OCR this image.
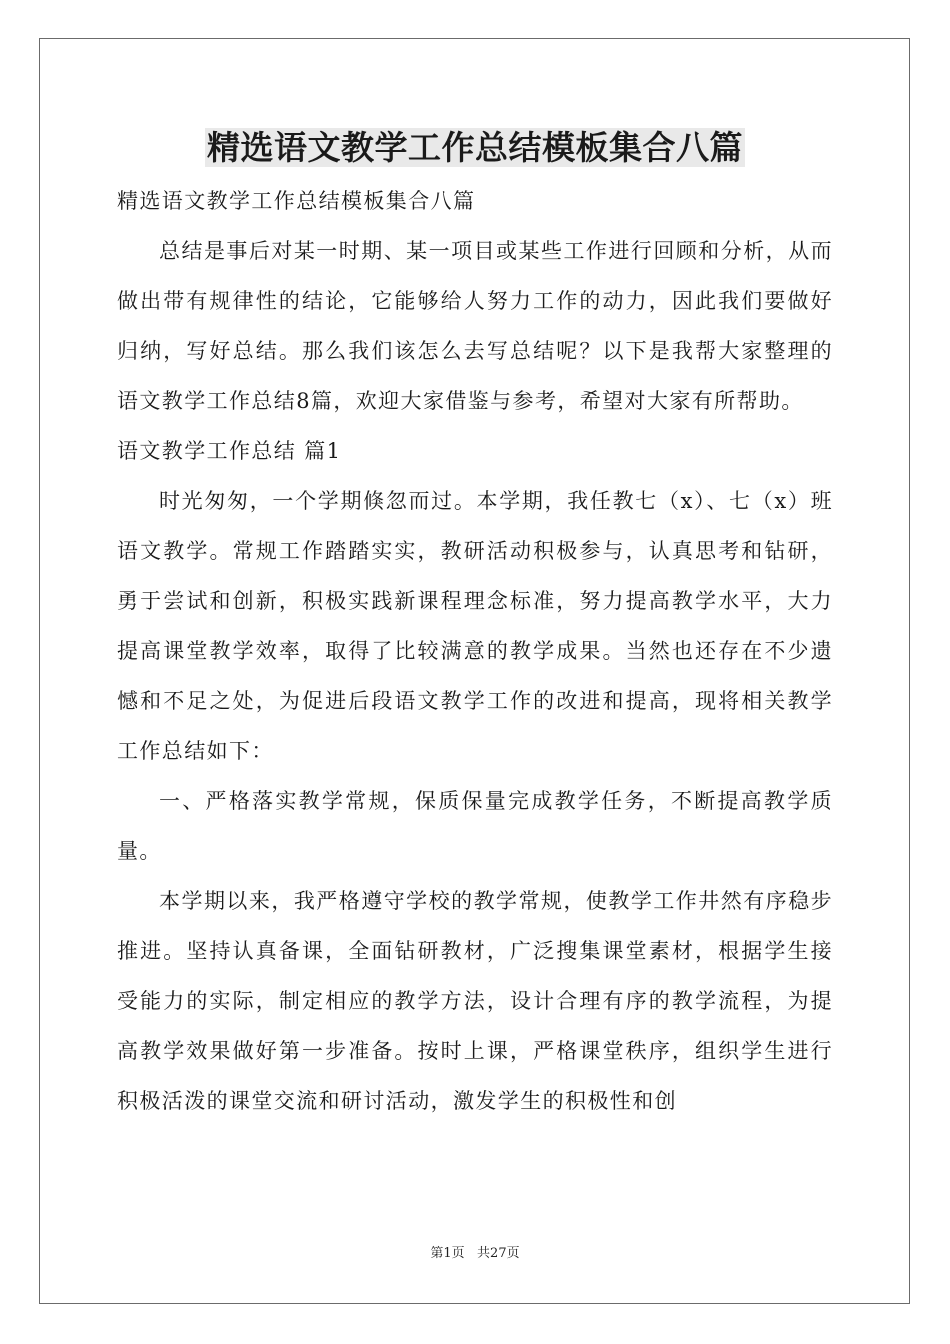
精选语文教学工作总结模板集合八篇

精选语文教学工作总结模板集合八篇

总结是事后对某一时期、某一项目或某些工作进行回顾和分析，从而做出带有规律性的结论，它能够给人努力工作的动力，因此我们要做好归纳，写好总结。那么我们该怎么去写总结呢？以下是我帮大家整理的语文教学工作总结8篇，欢迎大家借鉴与参考，希望对大家有所帮助。

语文教学工作总结 篇1

时光匆匆，一个学期倏忽而过。本学期，我任教七（x）、七（x）班语文教学。常规工作踏踏实实，教研活动积极参与，认真思考和钻研，勇于尝试和创新，积极实践新课程理念标准，努力提高教学水平，大力提高课堂教学效率，取得了比较满意的教学成果。当然也还存在不少遗憾和不足之处，为促进后段语文教学工作的改进和提高，现将相关教学工作总结如下：

一、严格落实教学常规，保质保量完成教学任务，不断提高教学质量。

本学期以来，我严格遵守学校的教学常规，使教学工作井然有序稳步推进。坚持认真备课，全面钻研教材，广泛搜集课堂素材，根据学生接受能力的实际，制定相应的教学方法，设计合理有序的教学流程，为提高教学效果做好第一步准备。按时上课，严格课堂秩序，组织学生进行积极活泼的课堂交流和研讨活动，激发学生的积极性和创

第1页   共27页
